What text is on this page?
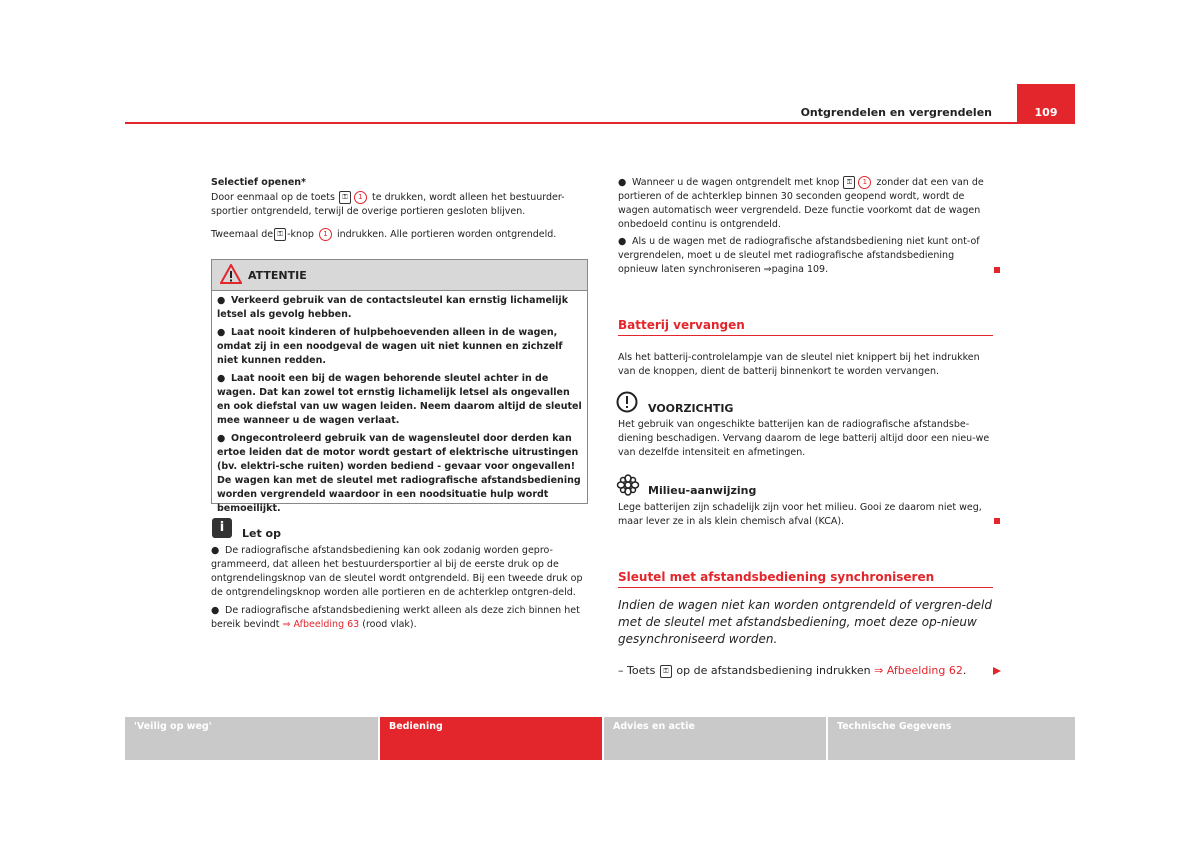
Ontgrendelen en vergrendelen	109

Selectief openen*

Door eenmaal op de toets ⚿ 1 te drukken, wordt alleen het bestuurder- sportier ontgrendeld, terwijl de overige portieren gesloten blijven.

Tweemaal de ⚿ -knop 1 indrukken. Alle portieren worden ontgrendeld.

ATTENTIE

● Verkeerd gebruik van de contactsleutel kan ernstig lichamelijk letsel als gevolg hebben.

● Laat nooit kinderen of hulpbehoevenden alleen in de wagen, omdat zij in een noodgeval de wagen uit niet kunnen en zichzelf niet kunnen redden.

● Laat nooit een bij de wagen behorende sleutel achter in de wagen. Dat kan zowel tot ernstig lichamelijk letsel als ongevallen en ook diefstal van uw wagen leiden. Neem daarom altijd de sleutel mee wanneer u de wagen verlaat.

● Ongecontroleerd gebruik van de wagensleutel door derden kan ertoe leiden dat de motor wordt gestart of elektrische uitrustingen (bv. elektri-sche ruiten) worden bediend - gevaar voor ongevallen! De wagen kan met de sleutel met radiografische afstandsbediening worden vergrendeld waardoor in een noodsituatie hulp wordt bemoeilijkt.

i	Let op

● De radiografische afstandsbediening kan ook zodanig worden gepro-grammeerd, dat alleen het bestuurdersportier al bij de eerste druk op de ontgrendelingsknop van de sleutel wordt ontgrendeld. Bij een tweede druk op de ontgrendelingsknop worden alle portieren en de achterklep ontgren-deld.

● De radiografische afstandsbediening werkt alleen als deze zich binnen het bereik bevindt ⇒ Afbeelding 63 (rood vlak).

● Wanneer u de wagen ontgrendelt met knop ⚿ 1 zonder dat een van de portieren of de achterklep binnen 30 seconden geopend wordt, wordt de wagen automatisch weer vergrendeld. Deze functie voorkomt dat de wagen onbedoeld continu is ontgrendeld.

● Als u de wagen met de radiografische afstandsbediening niet kunt ont-of vergrendelen, moet u de sleutel met radiografische afstandsbediening opnieuw laten synchroniseren ⇒pagina 109.

Batterij vervangen
Als het batterij-controlelampje van de sleutel niet knippert bij het indrukken van de knoppen, dient de batterij binnenkort te worden vervangen.
VOORZICHTIG
Het gebruik van ongeschikte batterijen kan de radiografische afstandsbe-diening beschadigen. Vervang daarom de lege batterij altijd door een nieu-we van dezelfde intensiteit en afmetingen.
Milieu-aanwijzing
Lege batterijen zijn schadelijk zijn voor het milieu. Gooi ze daarom niet weg, maar lever ze in als klein chemisch afval (KCA).
Sleutel met afstandsbediening synchroniseren
Indien de wagen niet kan worden ontgrendeld of vergren-deld met de sleutel met afstandsbediening, moet deze op-nieuw gesynchroniseerd worden.
– Toets ⚿ op de afstandsbediening indrukken ⇒ Afbeelding 62.
'Veilig op weg'	Bediening	Advies en actie	Technische Gegevens
